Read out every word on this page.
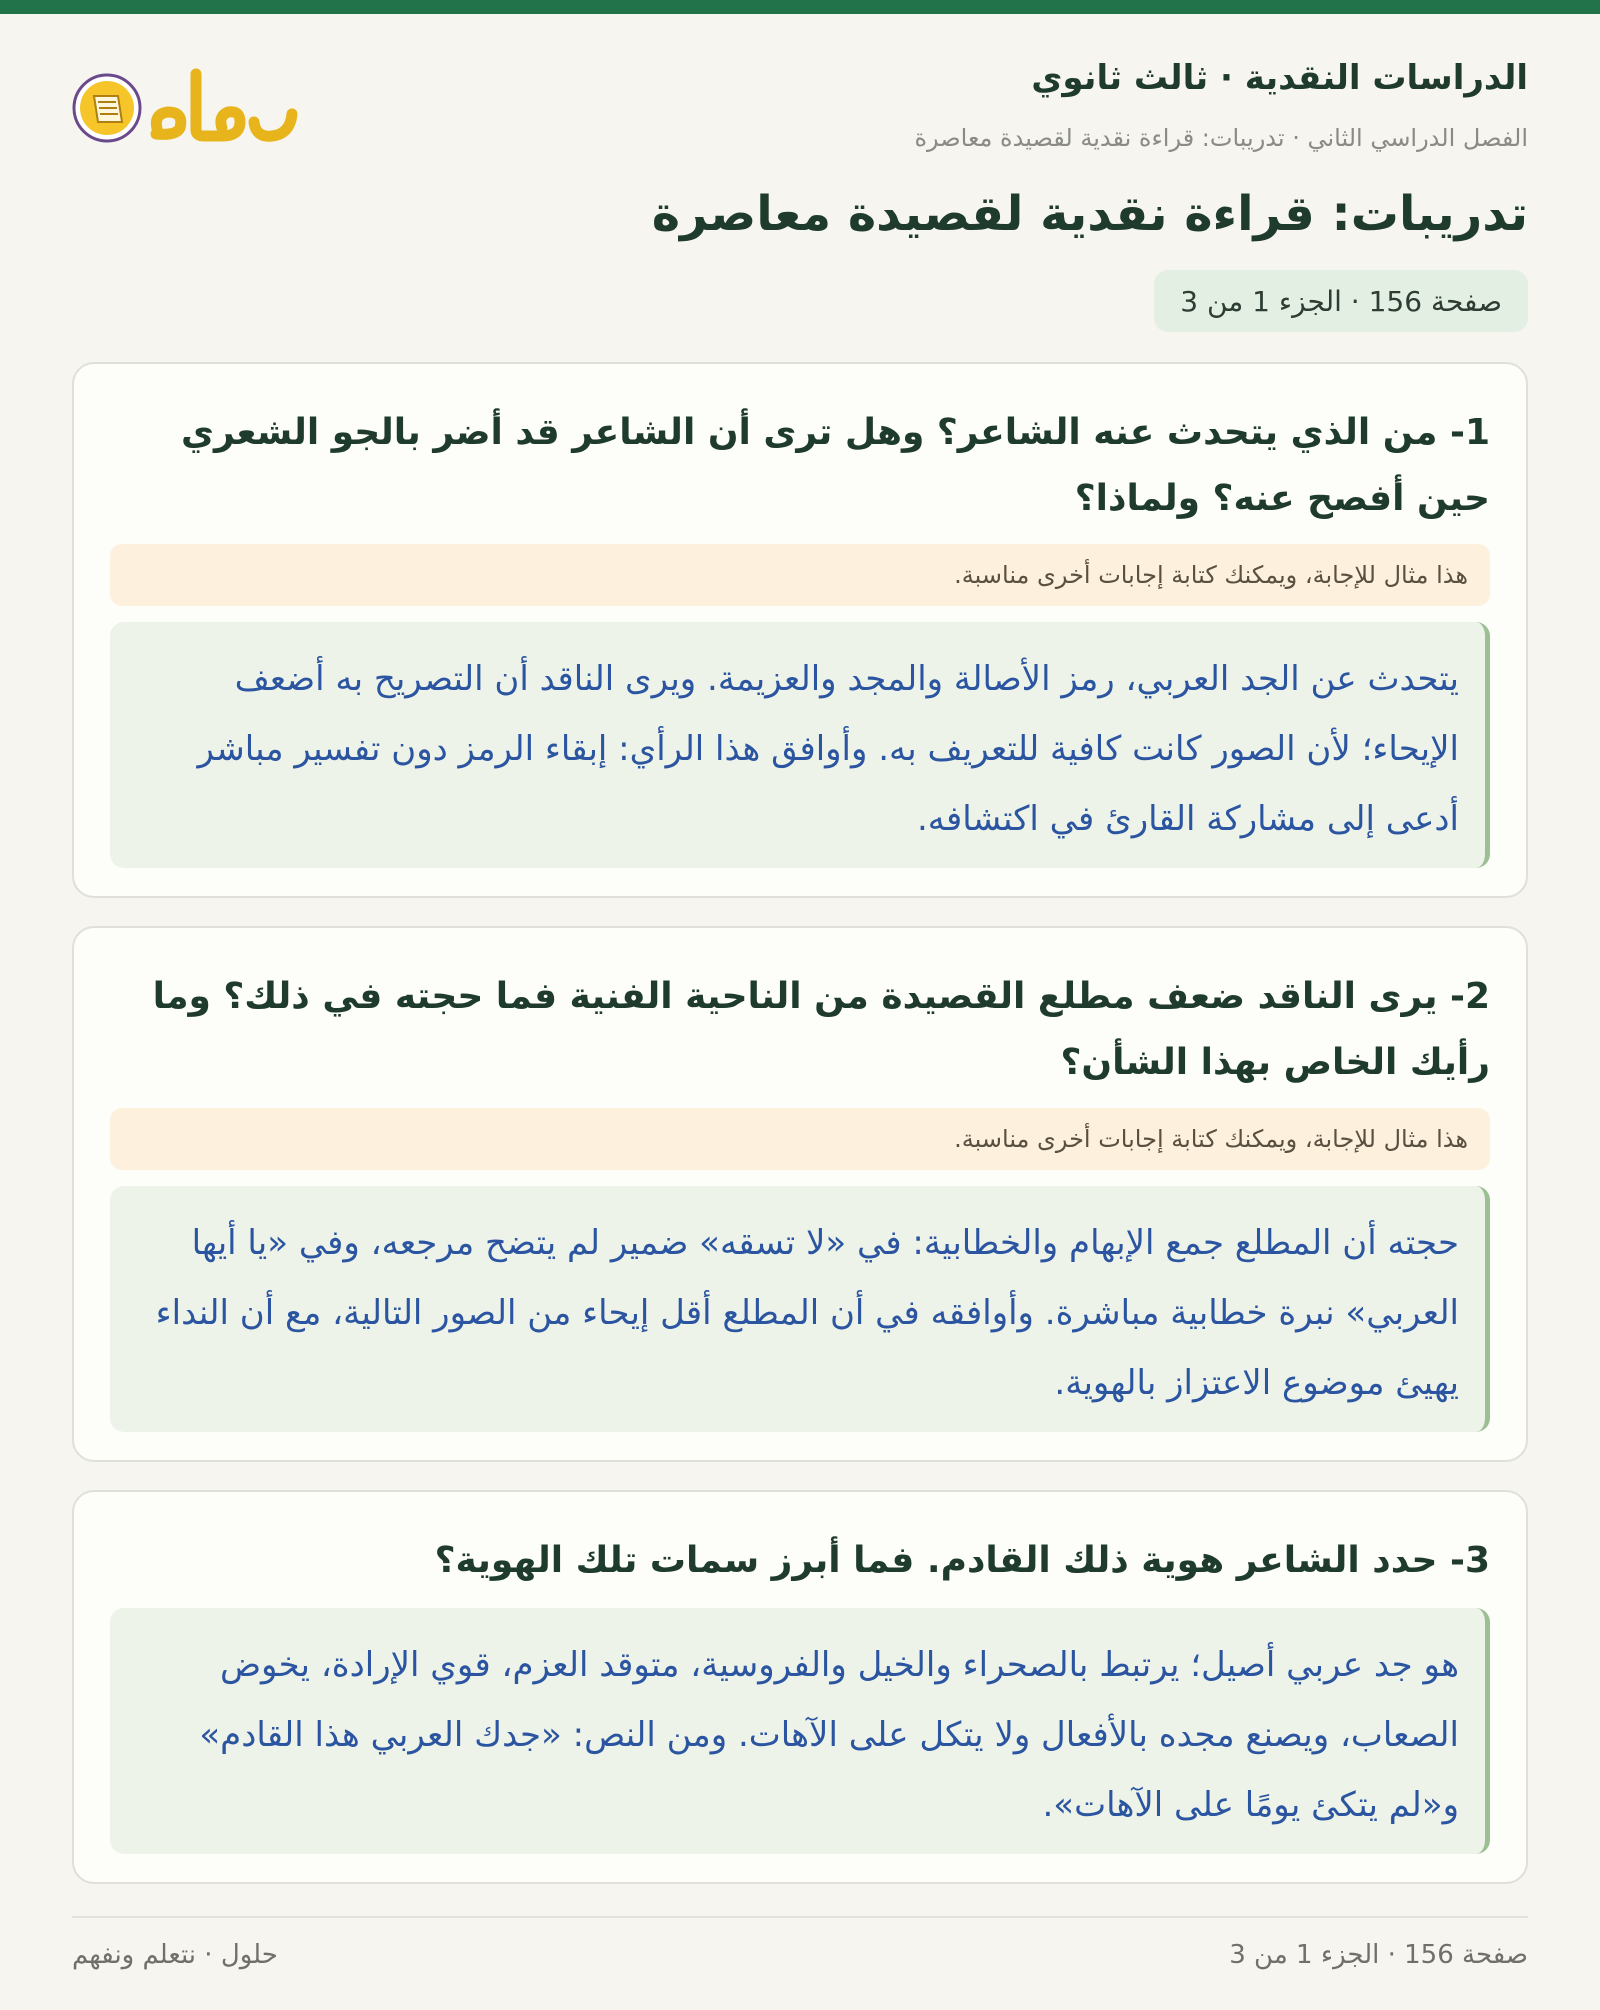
الدراسات النقدية · ثالث ثانوي
الفصل الدراسي الثاني · تدريبات: قراءة نقدية لقصيدة معاصرة
تدريبات: قراءة نقدية لقصيدة معاصرة
صفحة 156 · الجزء 1 من 3
1- من الذي يتحدث عنه الشاعر؟ وهل ترى أن الشاعر قد أضر بالجو الشعري حين أفصح عنه؟ ولماذا؟
هذا مثال للإجابة، ويمكنك كتابة إجابات أخرى مناسبة.
يتحدث عن الجد العربي، رمز الأصالة والمجد والعزيمة. ويرى الناقد أن التصريح به أضعف الإيحاء؛ لأن الصور كانت كافية للتعريف به. وأوافق هذا الرأي: إبقاء الرمز دون تفسير مباشر أدعى إلى مشاركة القارئ في اكتشافه.
2- يرى الناقد ضعف مطلع القصيدة من الناحية الفنية فما حجته في ذلك؟ وما رأيك الخاص بهذا الشأن؟
هذا مثال للإجابة، ويمكنك كتابة إجابات أخرى مناسبة.
حجته أن المطلع جمع الإبهام والخطابية: في «لا تسقه» ضمير لم يتضح مرجعه، وفي «يا أيها العربي» نبرة خطابية مباشرة. وأوافقه في أن المطلع أقل إيحاء من الصور التالية، مع أن النداء يهيئ موضوع الاعتزاز بالهوية.
3- حدد الشاعر هوية ذلك القادم. فما أبرز سمات تلك الهوية؟
هو جد عربي أصيل؛ يرتبط بالصحراء والخيل والفروسية، متوقد العزم، قوي الإرادة، يخوض الصعاب، ويصنع مجده بالأفعال ولا يتكل على الآهات. ومن النص: «جدك العربي هذا القادم» و«لم يتكئ يومًا على الآهات».
صفحة 156 · الجزء 1 من 3
حلول · نتعلم ونفهم
